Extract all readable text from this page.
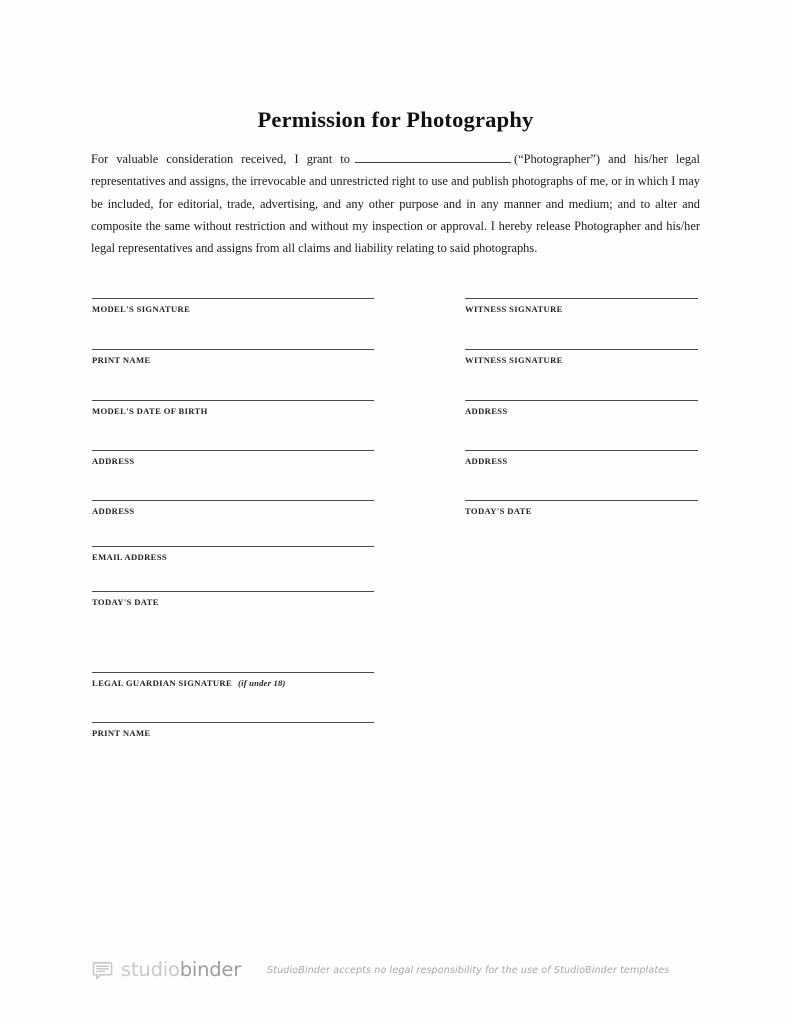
Permission for Photography
For valuable consideration received, I grant to	(“Photographer”) and his/her legal representatives and assigns, the irrevocable and unrestricted right to use and publish photographs of me, or in which I may be included, for editorial, trade, advertising, and any other purpose and in any manner and medium; and to alter and composite the same without restriction and without my inspection or approval. I hereby release Photographer and his/her legal representatives and assigns from all claims and liability relating to said photographs.
MODEL'S SIGNATURE
PRINT NAME
MODEL'S DATE OF BIRTH
ADDRESS
ADDRESS
EMAIL ADDRESS
TODAY'S DATE
LEGAL GUARDIAN SIGNATURE (if under 18)
PRINT NAME
WITNESS SIGNATURE
WITNESS SIGNATURE
ADDRESS
ADDRESS
TODAY'S DATE
studiobinder	StudioBinder accepts no legal responsibility for the use of StudioBinder templates
